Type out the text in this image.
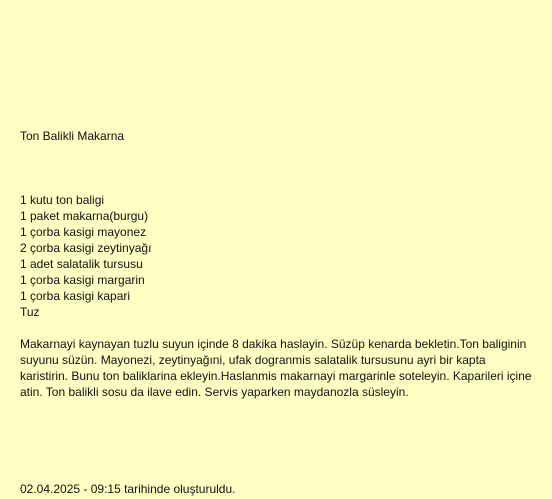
Ton Balikli Makarna
1 kutu ton baligi
1 paket makarna(burgu)
1 çorba kasigi mayonez
2 çorba kasigi zeytinyağı
1 adet salatalik tursusu
1 çorba kasigi margarin
1 çorba kasigi kapari
Tuz

Makarnayi kaynayan tuzlu suyun içinde 8 dakika haslayin. Süzüp kenarda bekletin.Ton baliginin suyunu süzün. Mayonezi, zeytinyağıni, ufak dogranmis salatalik tursusunu ayri bir kapta karistirin. Bunu ton baliklarina ekleyin.Haslanmis makarnayi margarinle soteleyin. Kaparileri içine atin. Ton balikli sosu da ilave edin. Servis yaparken maydanozla süsleyin.

02.04.2025 - 09:15 tarihinde oluşturuldu.
